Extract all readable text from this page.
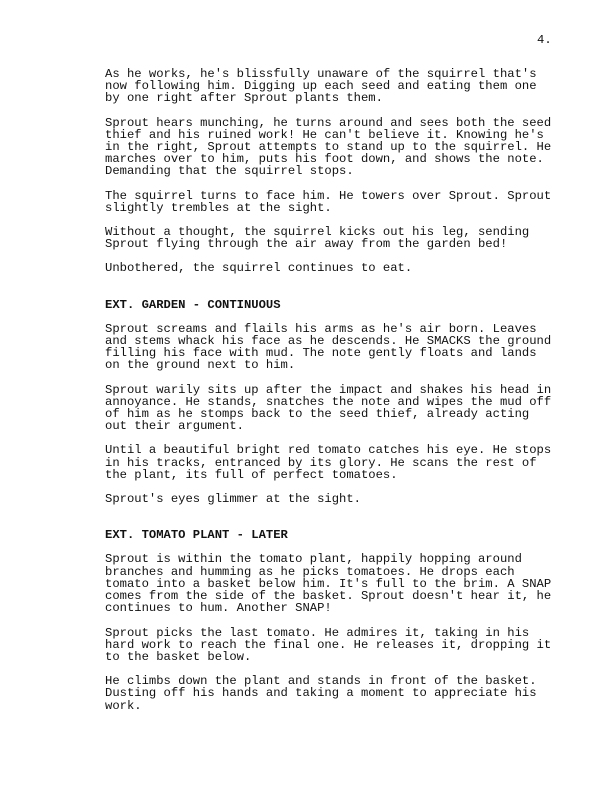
4.

As he works, he's blissfully unaware of the squirrel that's
now following him. Digging up each seed and eating them one
by one right after Sprout plants them.

Sprout hears munching, he turns around and sees both the seed
thief and his ruined work! He can't believe it. Knowing he's
in the right, Sprout attempts to stand up to the squirrel. He
marches over to him, puts his foot down, and shows the note.
Demanding that the squirrel stops.

The squirrel turns to face him. He towers over Sprout. Sprout
slightly trembles at the sight.

Without a thought, the squirrel kicks out his leg, sending
Sprout flying through the air away from the garden bed!

Unbothered, the squirrel continues to eat.

EXT. GARDEN - CONTINUOUS

Sprout screams and flails his arms as he's air born. Leaves
and stems whack his face as he descends. He SMACKS the ground
filling his face with mud. The note gently floats and lands
on the ground next to him.

Sprout warily sits up after the impact and shakes his head in
annoyance. He stands, snatches the note and wipes the mud off
of him as he stomps back to the seed thief, already acting
out their argument.

Until a beautiful bright red tomato catches his eye. He stops
in his tracks, entranced by its glory. He scans the rest of
the plant, its full of perfect tomatoes.

Sprout's eyes glimmer at the sight.

EXT. TOMATO PLANT - LATER

Sprout is within the tomato plant, happily hopping around
branches and humming as he picks tomatoes. He drops each
tomato into a basket below him. It's full to the brim. A SNAP
comes from the side of the basket. Sprout doesn't hear it, he
continues to hum. Another SNAP!

Sprout picks the last tomato. He admires it, taking in his
hard work to reach the final one. He releases it, dropping it
to the basket below.

He climbs down the plant and stands in front of the basket.
Dusting off his hands and taking a moment to appreciate his
work.
